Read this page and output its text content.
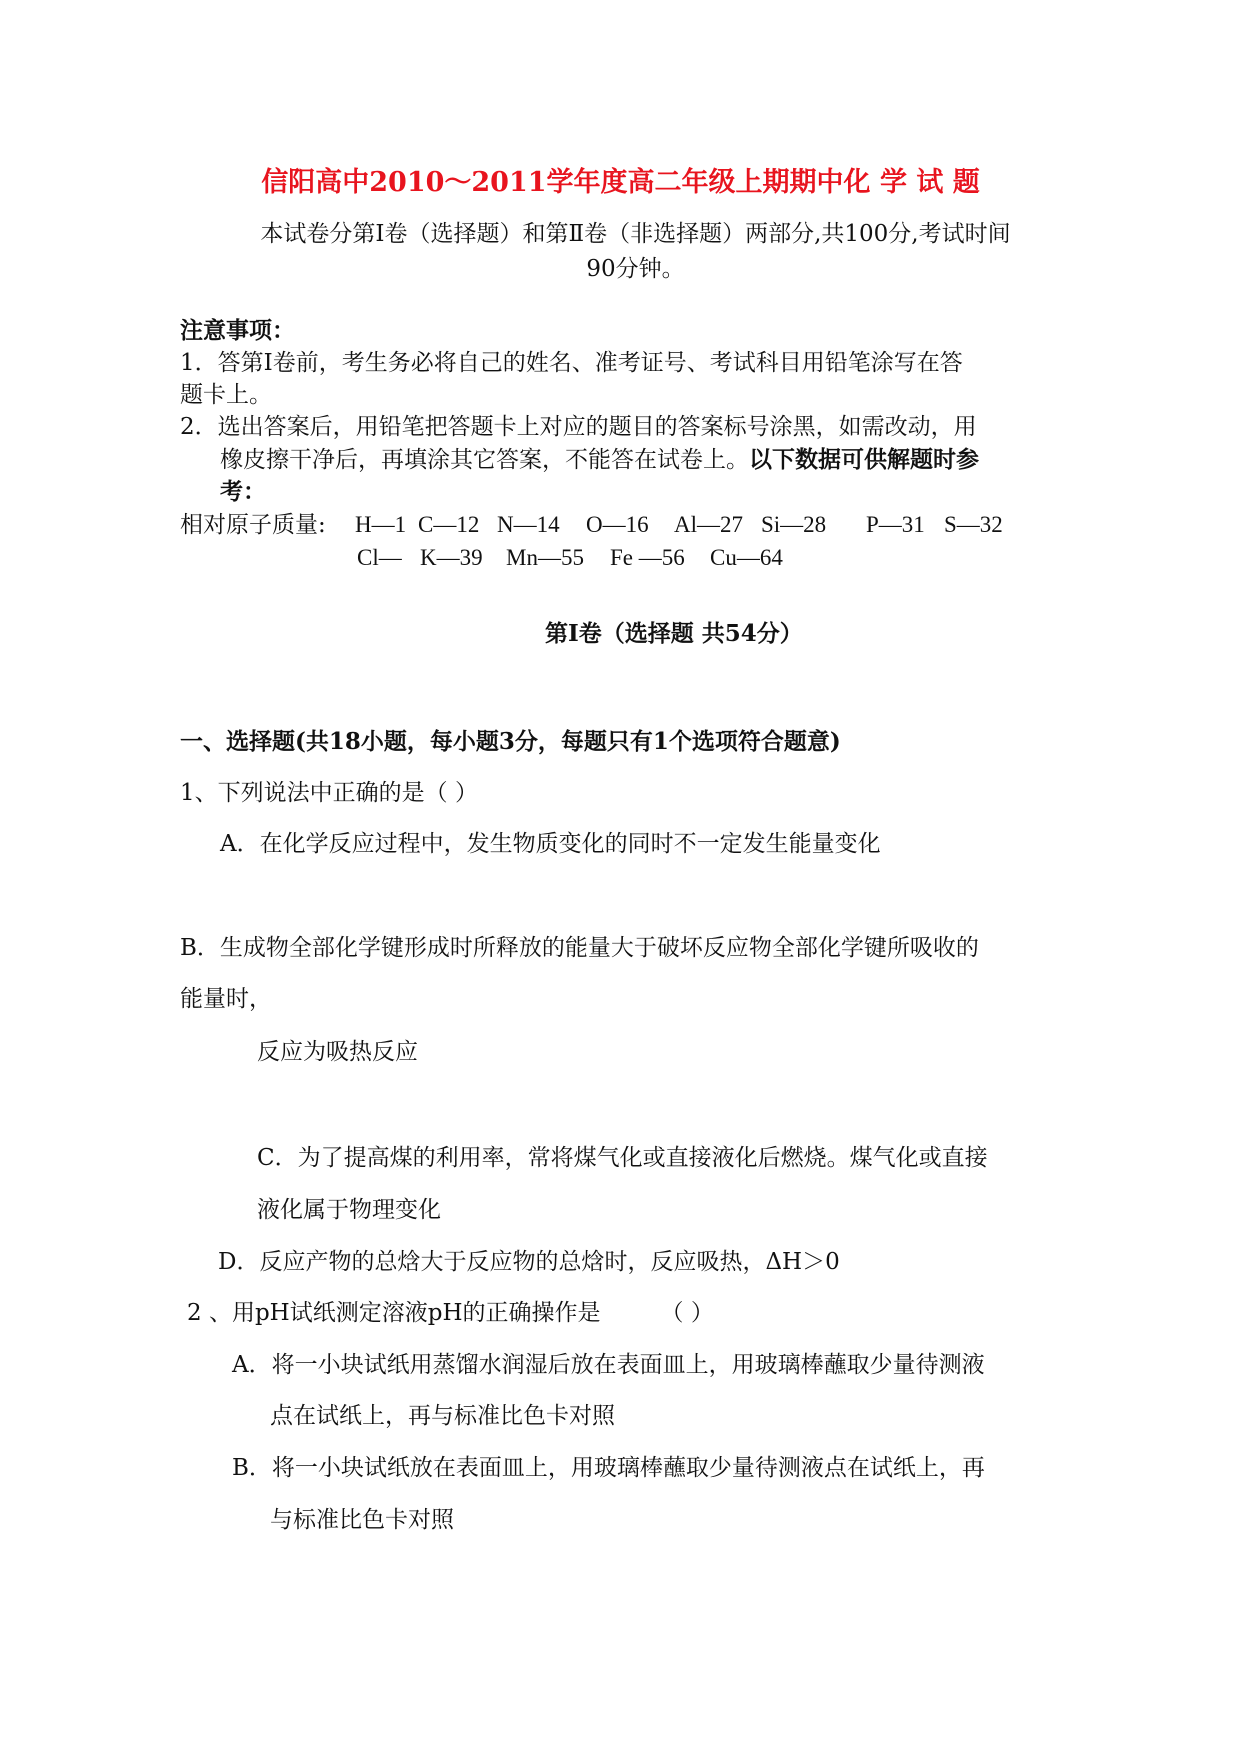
信阳高中2010～2011学年度高二年级上期期中化 学 试 题
本试卷分第Ⅰ卷（选择题）和第Ⅱ卷（非选择题）两部分,共100分,考试时间
90分钟。
注意事项：
1．答第Ⅰ卷前，考生务必将自己的姓名、准考证号、考试科目用铅笔涂写在答
题卡上。
2．选出答案后，用铅笔把答题卡上对应的题目的答案标号涂黑，如需改动，用
橡皮擦干净后，再填涂其它答案，不能答在试卷上。以下数据可供解题时参
考：
相对原子质量: H—1 C—12 N—14 O—16 Al—27 Si—28 P—31 S—32
Cl— K—39 Mn—55 Fe —56 Cu—64
第Ⅰ卷（选择题 共54分）
一、选择题(共18小题，每小题3分，每题只有1个选项符合题意)
1、下列说法中正确的是（ ）
A．在化学反应过程中，发生物质变化的同时不一定发生能量变化
B．生成物全部化学键形成时所释放的能量大于破坏反应物全部化学键所吸收的
能量时，
反应为吸热反应
C．为了提高煤的利用率，常将煤气化或直接液化后燃烧。煤气化或直接
液化属于物理变化
D．反应产物的总焓大于反应物的总焓时，反应吸热，ΔH＞0
2 、用pH试纸测定溶液pH的正确操作是	（ ）
A．将一小块试纸用蒸馏水润湿后放在表面皿上，用玻璃棒蘸取少量待测液
点在试纸上，再与标准比色卡对照
B．将一小块试纸放在表面皿上，用玻璃棒蘸取少量待测液点在试纸上，再
与标准比色卡对照
